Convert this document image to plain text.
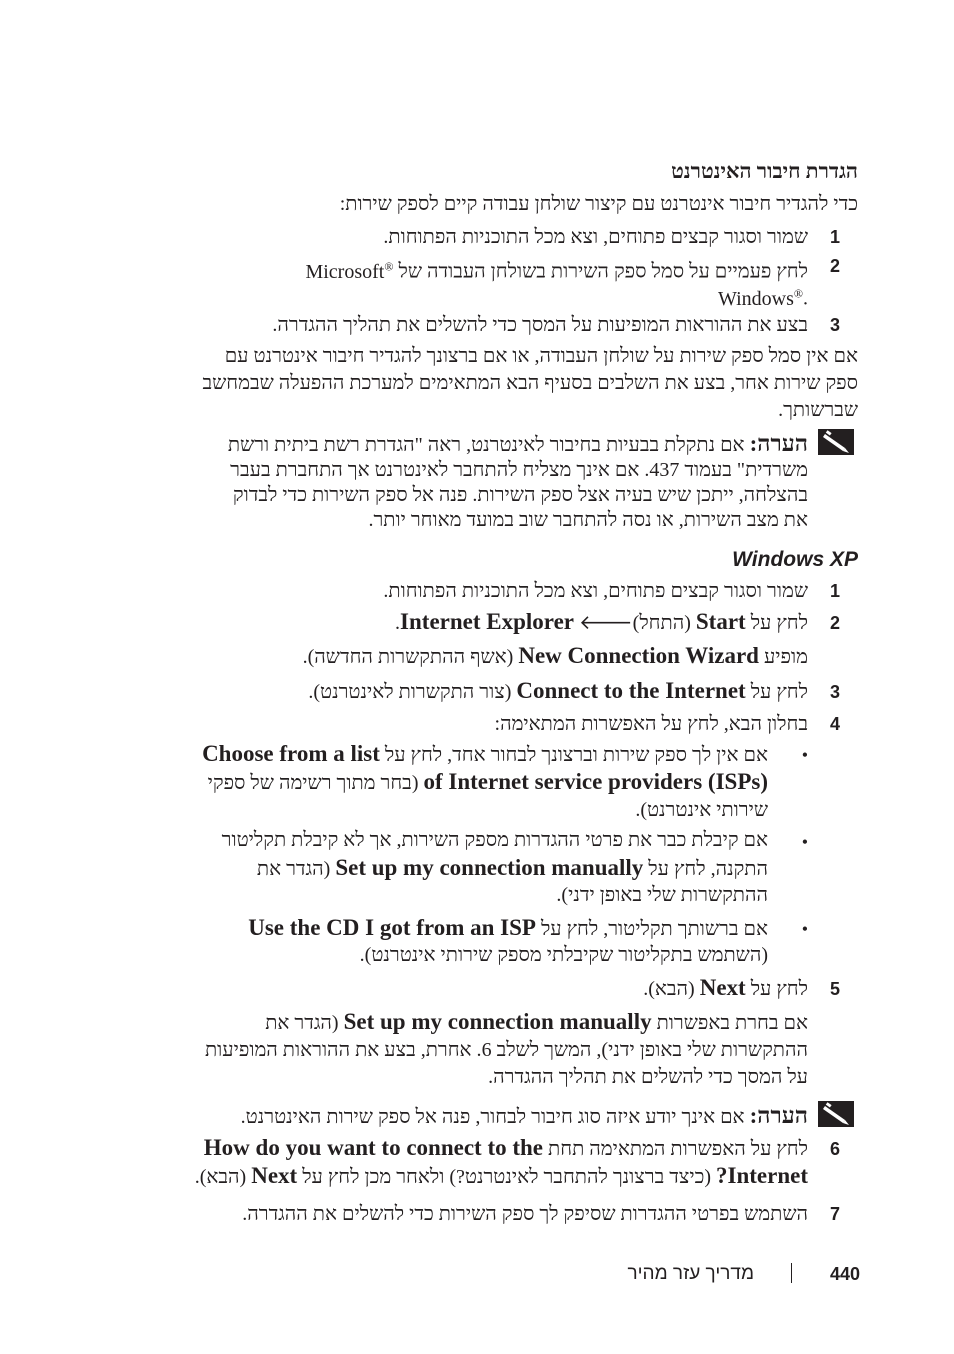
הגדרת חיבור האינטרנט
כדי להגדיר חיבור אינטרנט עם קיצור שולחן עבודה קיים לספק שירות:
1
שמור וסגור קבצים פתוחים, וצא מכל התוכניות הפתוחות.
2
לחץ פעמיים על סמל ספק השירות בשולחן העבודה של Microsoft®
.Windows®
3
בצע את ההוראות המופיעות על המסך כדי להשלים את תהליך ההגדרה.
אם אין סמל ספק שירות על שולחן העבודה, או אם ברצונך להגדיר חיבור אינטרנט עם
ספק שירות אחר, בצע את השלבים בסעיף הבא המתאימים למערכת ההפעלה שבמחשב
שברשותך.
הערה: אם נתקלת בבעיות בחיבור לאינטרנט, ראה "הגדרת רשת ביתית ורשת
משרדית" בעמוד 437. אם אינך מצליח להתחבר לאינטרנט אך התחברת בעבר
בהצלחה, ייתכן שיש בעיה אצל ספק השירות. פנה אל ספק השירות כדי לבדוק
את מצב השירות, או נסה להתחבר שוב במועד מאוחר יותר.
Windows XP
1
שמור וסגור קבצים פתוחים, וצא מכל התוכניות הפתוחות.
2
לחץ על Start (התחל)🡐 Internet Explorer.
מופיע New Connection Wizard (אשף ההתקשרות החדשה).
3
לחץ על Connect to the Internet (צור התקשרות לאינטרנט).
4
בחלון הבא, לחץ על האפשרות המתאימה:
•
אם אין לך ספק שירות וברצונך לבחור אחד, לחץ על Choose from a list
of Internet service providers (ISPs) (בחר מתוך רשימה של ספקי
שירותי אינטרנט).
•
אם קיבלת כבר את פרטי ההגדרות מספק השירות, אך לא קיבלת תקליטור
התקנה, לחץ על Set up my connection manually (הגדר את
ההתקשרות שלי באופן ידני).
•
אם ברשותך תקליטור, לחץ על Use the CD I got from an ISP
(השתמש בתקליטור שקיבלתי מספק שירותי אינטרנט).
5
לחץ על Next (הבא).
אם בחרת באפשרות Set up my connection manually (הגדר את
ההתקשרות שלי באופן ידני), המשך לשלב 6. אחרת, בצע את ההוראות המופיעות
על המסך כדי להשלים את תהליך ההגדרה.
הערה: אם אינך יודע איזה סוג חיבור לבחור, פנה אל ספק שירות האינטרנט.
6
לחץ על האפשרות המתאימה תחת How do you want to connect to the
Internet? (כיצד ברצונך להתחבר לאינטרנט?) ולאחר מכן לחץ על Next (הבא).
7
השתמש בפרטי ההגדרות שסיפק לך ספק השירות כדי להשלים את ההגדרה.
440
מדריך עזר מהיר
